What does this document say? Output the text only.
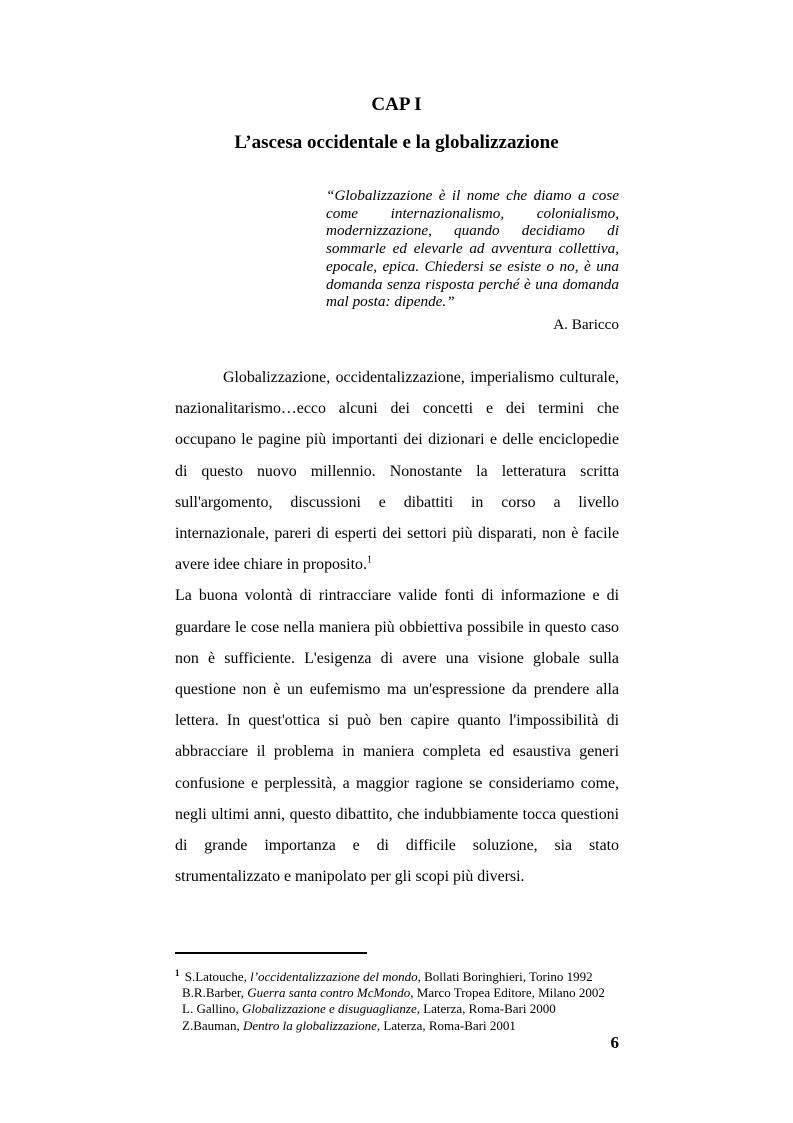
CAP I
L’ascesa occidentale e la globalizzazione
“Globalizzazione è il nome che diamo a cose come internazionalismo, colonialismo, modernizzazione, quando decidiamo di sommarle ed elevarle ad avventura collettiva, epocale, epica. Chiedersi se esiste o no, è una domanda senza risposta perché è una domanda mal posta: dipende.”
A. Baricco

Globalizzazione, occidentalizzazione, imperialismo culturale, nazionalitarismo…ecco alcuni dei concetti e dei termini che occupano le pagine più importanti dei dizionari e delle enciclopedie di questo nuovo millennio. Nonostante la letteratura scritta sull'argomento, discussioni e dibattiti in corso a livello internazionale, pareri di esperti dei settori più disparati, non è facile avere idee chiare in proposito.$^1$

La buona volontà di rintracciare valide fonti di informazione e di guardare le cose nella maniera più obbiettiva possibile in questo caso non è sufficiente. L'esigenza di avere una visione globale sulla questione non è un eufemismo ma un'espressione da prendere alla lettera. In quest'ottica si può ben capire quanto l'impossibilità di abbracciare il problema in maniera completa ed esaustiva generi confusione e perplessità, a maggior ragione se consideriamo come, negli ultimi anni, questo dibattito, che indubbiamente tocca questioni di grande importanza e di difficile soluzione, sia stato strumentalizzato e manipolato per gli scopi più diversi.

$^1$ S.Latouche, l’occidentalizzazione del mondo, Bollati Boringhieri, Torino 1992
B.R.Barber, Guerra santa contro McMondo, Marco Tropea Editore, Milano 2002
L. Gallino, Globalizzazione e disuguaglianze, Laterza, Roma-Bari 2000
Z.Bauman, Dentro la globalizzazione, Laterza, Roma-Bari 2001
6
